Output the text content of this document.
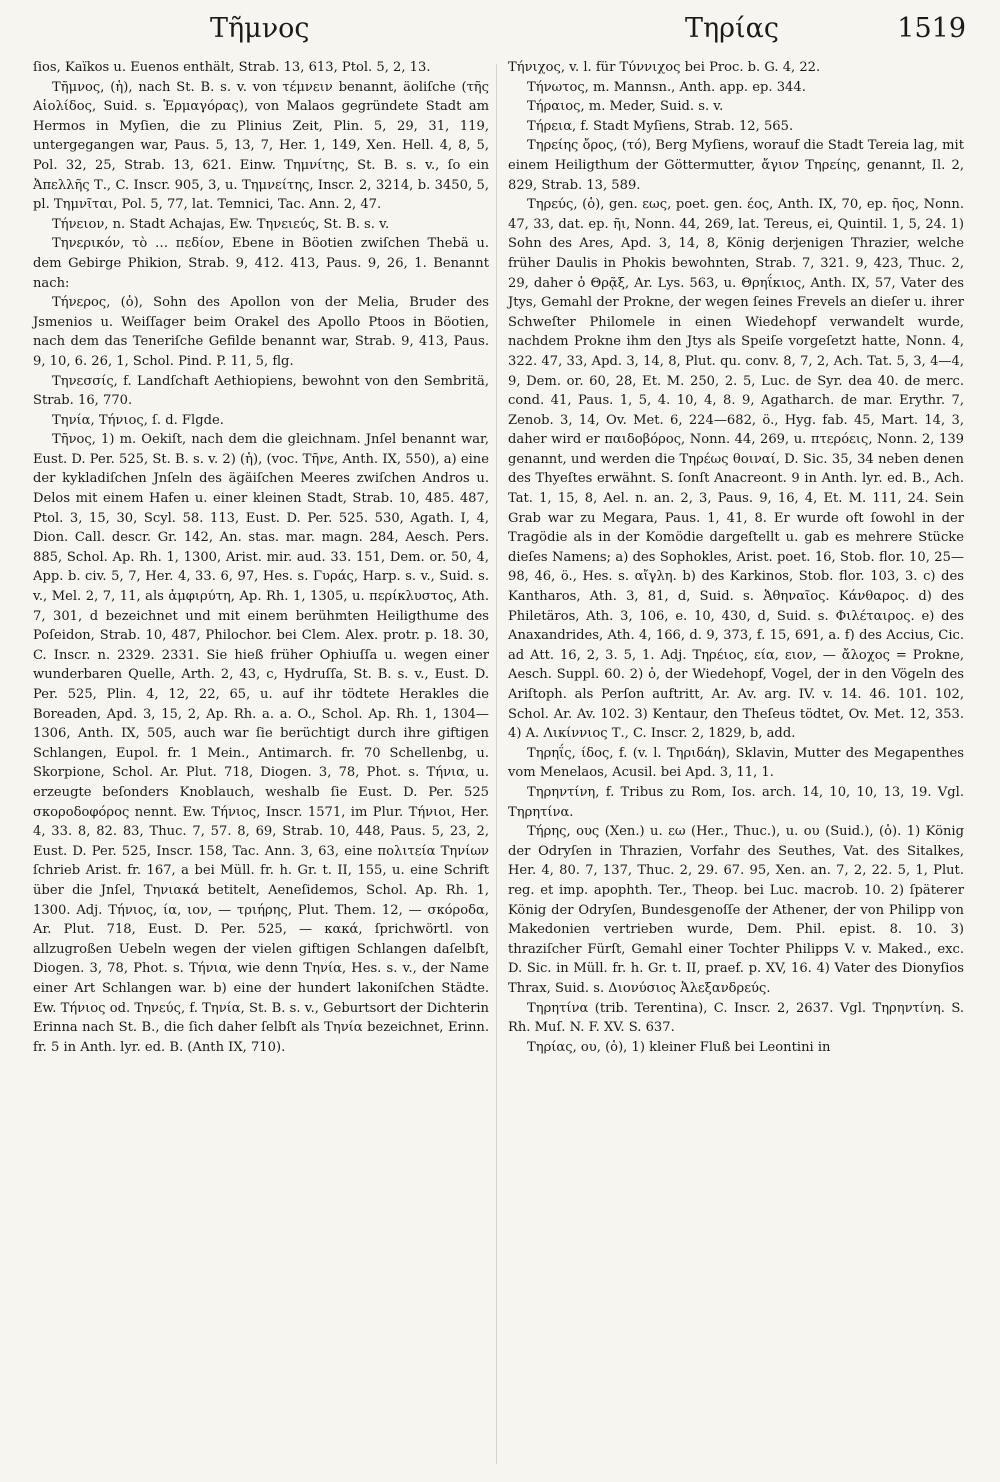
Τῆμνος	Τηρίας	1519

ſios, Kaïkos u. Euenos enthält, Strab. 13, 613, Ptol. 5, 2, 13.

Τῆμνος, (ἡ), nach St. B. s. v. von τέμνειν benannt, äoliſche (τῆς Αἰολίδος, Suid. s. Ἑρμαγόρας), von Malaos gegründete Stadt am Hermos in Myſien, die zu Plinius Zeit, Plin. 5, 29, 31, 119, untergegangen war, Paus. 5, 13, 7, Her. 1, 149, Xen. Hell. 4, 8, 5, Pol. 32, 25, Strab. 13, 621. Einw. Τημνίτης, St. B. s. v., ſo ein Ἀπελλῆς Τ., C. Inscr. 905, 3, u. Τημνείτης, Inscr. 2, 3214, b. 3450, 5, pl. Τημνῖται, Pol. 5, 77, lat. Temnici, Tac. Ann. 2, 47.

Τήνειον, n. Stadt Achajas, Ew. Τηνειεύς, St. B. s. v.

Τηνερικόν, τὸ … πεδίον, Ebene in Böotien zwiſchen Thebä u. dem Gebirge Phikion, Strab. 9, 412. 413, Paus. 9, 26, 1. Benannt nach:

Τήνερος, (ὁ), Sohn des Apollon von der Melia, Bruder des Jsmenios u. Weiſſager beim Orakel des Apollo Ptoos in Böotien, nach dem das Teneriſche Gefilde benannt war, Strab. 9, 413, Paus. 9, 10, 6. 26, 1, Schol. Pind. P. 11, 5, flg.

Τηνεσσίς, f. Landſchaft Aethiopiens, bewohnt von den Sembritä, Strab. 16, 770.

Τηνία, Τήνιος, ſ. d. Flgde.

Τῆνος, 1) m. Oekiſt, nach dem die gleichnam. Jnſel benannt war, Eust. D. Per. 525, St. B. s. v. 2) (ἡ), (voc. Τῆνε, Anth. IX, 550), a) eine der kykladiſchen Jnſeln des ägäiſchen Meeres zwiſchen Andros u. Delos mit einem Hafen u. einer kleinen Stadt, Strab. 10, 485. 487, Ptol. 3, 15, 30, Scyl. 58. 113, Eust. D. Per. 525. 530, Agath. I, 4, Dion. Call. descr. Gr. 142, An. stas. mar. magn. 284, Aesch. Pers. 885, Schol. Ap. Rh. 1, 1300, Arist. mir. aud. 33. 151, Dem. or. 50, 4, App. b. civ. 5, 7, Her. 4, 33. 6, 97, Hes. s. Γυράς, Harp. s. v., Suid. s. v., Mel. 2, 7, 11, als ἀμφιρύτη, Ap. Rh. 1, 1305, u. περίκλυστος, Ath. 7, 301, d bezeichnet und mit einem berühmten Heiligthume des Poſeidon, Strab. 10, 487, Philochor. bei Clem. Alex. protr. p. 18. 30, C. Inscr. n. 2329. 2331. Sie hieß früher Ophiuſſa u. wegen einer wunderbaren Quelle, Arth. 2, 43, c, Hydruſſa, St. B. s. v., Eust. D. Per. 525, Plin. 4, 12, 22, 65, u. auf ihr tödtete Herakles die Boreaden, Apd. 3, 15, 2, Ap. Rh. a. a. O., Schol. Ap. Rh. 1, 1304—1306, Anth. IX, 505, auch war ſie berüchtigt durch ihre giftigen Schlangen, Eupol. fr. 1 Mein., Antimarch. fr. 70 Schellenbg, u. Skorpione, Schol. Ar. Plut. 718, Diogen. 3, 78, Phot. s. Τήνια, u. erzeugte beſonders Knoblauch, weshalb ſie Eust. D. Per. 525 σκοροδοφόρος nennt. Ew. Τήνιος, Inscr. 1571, im Plur. Τήνιοι, Her. 4, 33. 8, 82. 83, Thuc. 7, 57. 8, 69, Strab. 10, 448, Paus. 5, 23, 2, Eust. D. Per. 525, Inscr. 158, Tac. Ann. 3, 63, eine πολιτεία Τηνίων ſchrieb Arist. fr. 167, a bei Müll. fr. h. Gr. t. II, 155, u. eine Schrift über die Jnſel, Τηνιακά betitelt, Aeneſidemos, Schol. Ap. Rh. 1, 1300. Adj. Τήνιος, ία, ιον, — τριήρης, Plut. Them. 12, — σκόροδα, Ar. Plut. 718, Eust. D. Per. 525, — κακά, ſprichwörtl. von allzugroßen Uebeln wegen der vielen giftigen Schlangen daſelbſt, Diogen. 3, 78, Phot. s. Τήνια, wie denn Τηνία, Hes. s. v., der Name einer Art Schlangen war. b) eine der hundert lakoniſchen Städte. Ew. Τήνιος od. Τηνεύς, f. Τηνία, St. B. s. v., Geburtsort der Dichterin Erinna nach St. B., die ſich daher ſelbſt als Τηνία bezeichnet, Erinn. fr. 5 in Anth. lyr. ed. B. (Anth IX, 710).

Τήνιχος, v. l. für Τύννιχος bei Proc. b. G. 4, 22.

Τήνωτος, m. Mannsn., Anth. app. ep. 344.

Τήραιος, m. Meder, Suid. s. v.

Τήρεια, f. Stadt Myſiens, Strab. 12, 565.

Τηρείης ὄρος, (τό), Berg Myſiens, worauf die Stadt Tereia lag, mit einem Heiligthum der Göttermutter, ἄγιον Τηρείης, genannt, Il. 2, 829, Strab. 13, 589.

Τηρεύς, (ὁ), gen. εως, poet. gen. έος, Anth. IX, 70, ep. ῆος, Nonn. 47, 33, dat. ep. ῆι, Nonn. 44, 269, lat. Tereus, ei, Quintil. 1, 5, 24. 1) Sohn des Ares, Apd. 3, 14, 8, König derjenigen Thrazier, welche früher Daulis in Phokis bewohnten, Strab. 7, 321. 9, 423, Thuc. 2, 29, daher ὁ Θρᾷξ, Ar. Lys. 563, u. Θρηΐκιος, Anth. IX, 57, Vater des Jtys, Gemahl der Prokne, der wegen ſeines Frevels an dieſer u. ihrer Schweſter Philomele in einen Wiedehopf verwandelt wurde, nachdem Prokne ihm den Jtys als Speiſe vorgeſetzt hatte, Nonn. 4, 322. 47, 33, Apd. 3, 14, 8, Plut. qu. conv. 8, 7, 2, Ach. Tat. 5, 3, 4—4, 9, Dem. or. 60, 28, Et. M. 250, 2. 5, Luc. de Syr. dea 40. de merc. cond. 41, Paus. 1, 5, 4. 10, 4, 8. 9, Agatharch. de mar. Erythr. 7, Zenob. 3, 14, Ov. Met. 6, 224—682, ö., Hyg. fab. 45, Mart. 14, 3, daher wird er παιδοβόρος, Nonn. 44, 269, u. πτερόεις, Nonn. 2, 139 genannt, und werden die Τηρέως θοιναί, D. Sic. 35, 34 neben denen des Thyeſtes erwähnt. S. ſonſt Anacreont. 9 in Anth. lyr. ed. B., Ach. Tat. 1, 15, 8, Ael. n. an. 2, 3, Paus. 9, 16, 4, Et. M. 111, 24. Sein Grab war zu Megara, Paus. 1, 41, 8. Er wurde oft ſowohl in der Tragödie als in der Komödie dargeſtellt u. gab es mehrere Stücke dieſes Namens; a) des Sophokles, Arist. poet. 16, Stob. flor. 10, 25—98, 46, ö., Hes. s. αἴγλη. b) des Karkinos, Stob. flor. 103, 3. c) des Kantharos, Ath. 3, 81, d, Suid. s. Ἀθηναῖος. Κάνθαρος. d) des Philetäros, Ath. 3, 106, e. 10, 430, d, Suid. s. Φιλέταιρος. e) des Anaxandrides, Ath. 4, 166, d. 9, 373, f. 15, 691, a. f) des Accius, Cic. ad Att. 16, 2, 3. 5, 1. Adj. Τηρέιος, εία, ειον, — ἄλοχος = Prokne, Aesch. Suppl. 60. 2) ὁ, der Wiedehopf, Vogel, der in den Vögeln des Ariſtoph. als Perſon auftritt, Ar. Av. arg. IV. v. 14. 46. 101. 102, Schol. Ar. Av. 102. 3) Kentaur, den Theſeus tödtet, Ov. Met. 12, 353. 4) Α. Λικίννιος Τ., C. Inscr. 2, 1829, b, add.

Τηρηΐς, ίδος, f. (v. l. Τηριδάη), Sklavin, Mutter des Megapenthes vom Menelaos, Acusil. bei Apd. 3, 11, 1.

Τηρηντίνη, f. Tribus zu Rom, Ios. arch. 14, 10, 10, 13, 19. Vgl. Τηρητίνα.

Τήρης, ους (Xen.) u. εω (Her., Thuc.), u. ου (Suid.), (ὁ). 1) König der Odryſen in Thrazien, Vorfahr des Seuthes, Vat. des Sitalkes, Her. 4, 80. 7, 137, Thuc. 2, 29. 67. 95, Xen. an. 7, 2, 22. 5, 1, Plut. reg. et imp. apophth. Ter., Theop. bei Luc. macrob. 10. 2) ſpäterer König der Odryſen, Bundesgenoſſe der Athener, der von Philipp von Makedonien vertrieben wurde, Dem. Phil. epist. 8. 10. 3) thraziſcher Fürſt, Gemahl einer Tochter Philipps V. v. Maked., exc. D. Sic. in Müll. fr. h. Gr. t. II, praef. p. XV, 16. 4) Vater des Dionyſios Thrax, Suid. s. Διονύσιος Ἀλεξανδρεύς.

Τηρητίνα (trib. Terentina), C. Inscr. 2, 2637. Vgl. Τηρηντίνη. S. Rh. Muſ. N. F. XV. S. 637.

Τηρίας, ου, (ὁ), 1) kleiner Fluß bei Leontini in
